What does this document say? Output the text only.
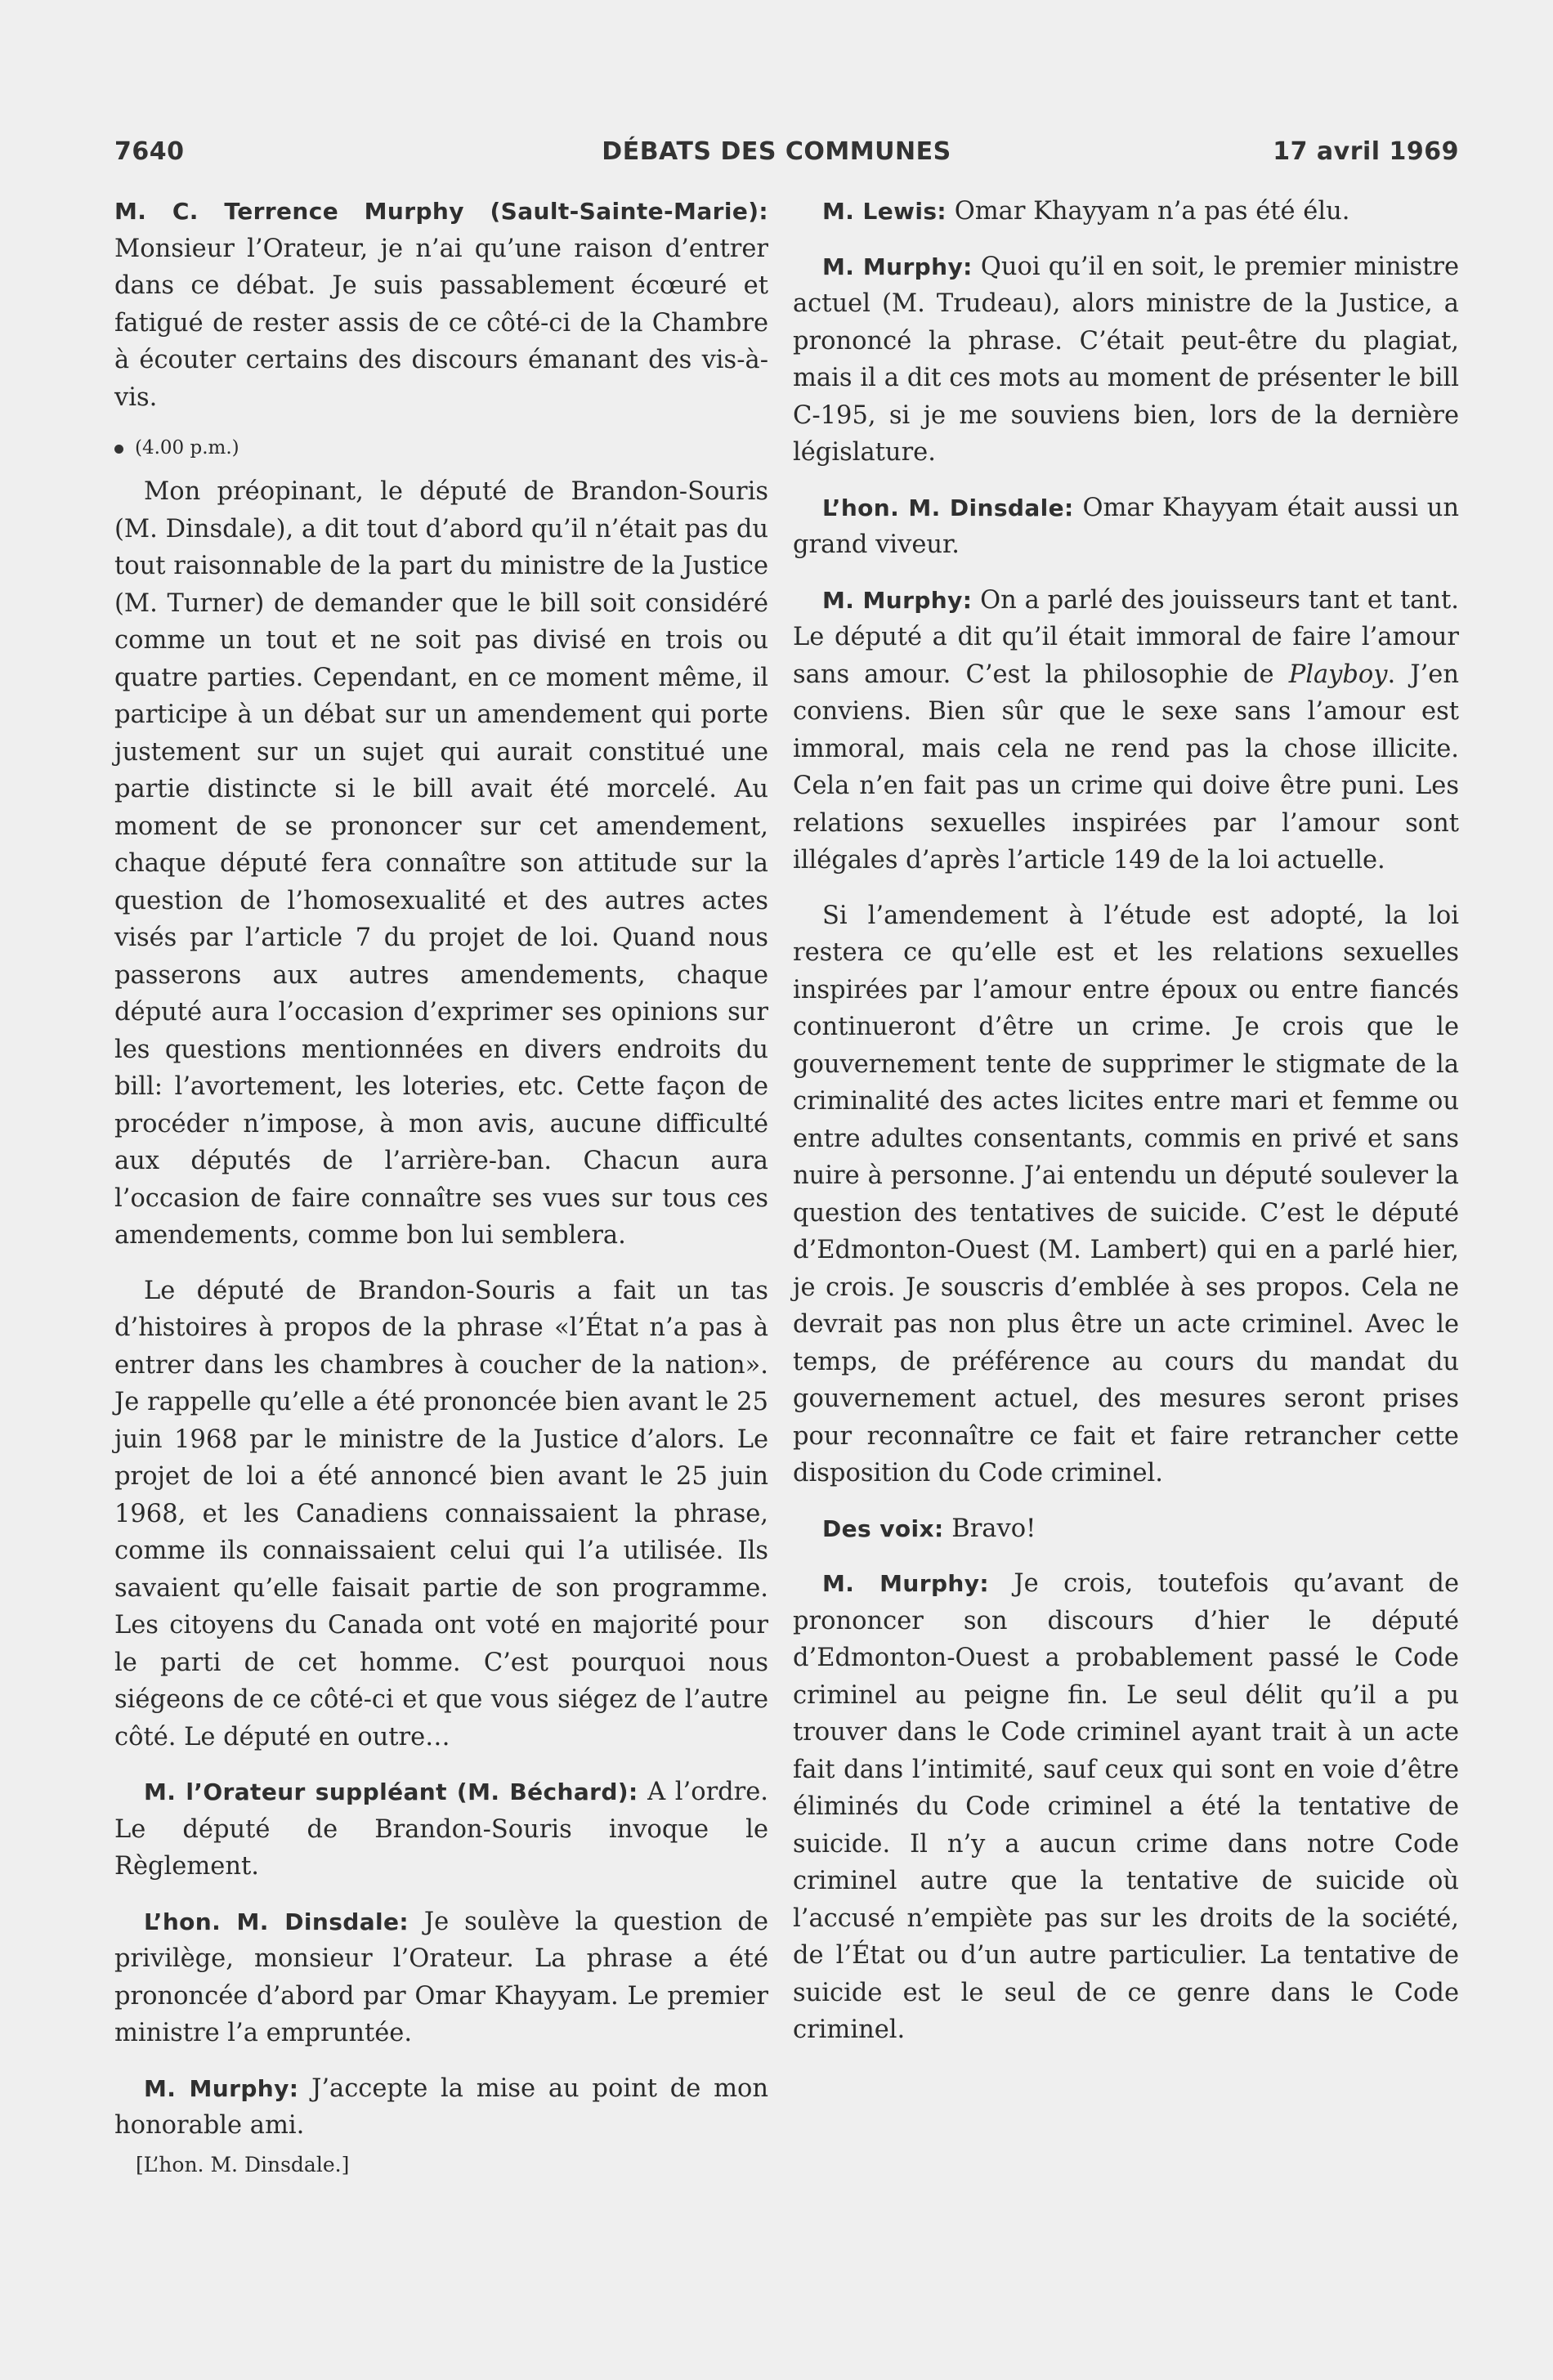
7640	DÉBATS DES COMMUNES	17 avril 1969

M. C. Terrence Murphy (Sault-Sainte-Marie): Monsieur l’Orateur, je n’ai qu’une raison d’entrer dans ce débat. Je suis passablement écœuré et fatigué de rester assis de ce côté-ci de la Chambre à écouter certains des discours émanant des vis-à-vis.

(4.00 p.m.)

Mon préopinant, le député de Brandon-Souris (M. Dinsdale), a dit tout d’abord qu’il n’était pas du tout raisonnable de la part du ministre de la Justice (M. Turner) de demander que le bill soit considéré comme un tout et ne soit pas divisé en trois ou quatre parties. Cependant, en ce moment même, il participe à un débat sur un amendement qui porte justement sur un sujet qui aurait constitué une partie distincte si le bill avait été morcelé. Au moment de se prononcer sur cet amendement, chaque député fera connaître son attitude sur la question de l’homosexualité et des autres actes visés par l’article 7 du projet de loi. Quand nous passerons aux autres amendements, chaque député aura l’occasion d’exprimer ses opinions sur les questions mentionnées en divers endroits du bill: l’avortement, les loteries, etc. Cette façon de procéder n’impose, à mon avis, aucune difficulté aux députés de l’arrière-ban. Chacun aura l’occasion de faire connaître ses vues sur tous ces amendements, comme bon lui semblera.

Le député de Brandon-Souris a fait un tas d’histoires à propos de la phrase «l’État n’a pas à entrer dans les chambres à coucher de la nation». Je rappelle qu’elle a été prononcée bien avant le 25 juin 1968 par le ministre de la Justice d’alors. Le projet de loi a été annoncé bien avant le 25 juin 1968, et les Canadiens connaissaient la phrase, comme ils connaissaient celui qui l’a utilisée. Ils savaient qu’elle faisait partie de son programme. Les citoyens du Canada ont voté en majorité pour le parti de cet homme. C’est pourquoi nous siégeons de ce côté-ci et que vous siégez de l’autre côté. Le député en outre…

M. l’Orateur suppléant (M. Béchard): A l’ordre. Le député de Brandon-Souris invoque le Règlement.

L’hon. M. Dinsdale: Je soulève la question de privilège, monsieur l’Orateur. La phrase a été prononcée d’abord par Omar Khayyam. Le premier ministre l’a empruntée.

M. Murphy: J’accepte la mise au point de mon honorable ami.

[L’hon. M. Dinsdale.]

M. Lewis: Omar Khayyam n’a pas été élu.

M. Murphy: Quoi qu’il en soit, le premier ministre actuel (M. Trudeau), alors ministre de la Justice, a prononcé la phrase. C’était peut-être du plagiat, mais il a dit ces mots au moment de présenter le bill C-195, si je me souviens bien, lors de la dernière législature.

L’hon. M. Dinsdale: Omar Khayyam était aussi un grand viveur.

M. Murphy: On a parlé des jouisseurs tant et tant. Le député a dit qu’il était immoral de faire l’amour sans amour. C’est la philosophie de Playboy. J’en conviens. Bien sûr que le sexe sans l’amour est immoral, mais cela ne rend pas la chose illicite. Cela n’en fait pas un crime qui doive être puni. Les relations sexuelles inspirées par l’amour sont illégales d’après l’article 149 de la loi actuelle.

Si l’amendement à l’étude est adopté, la loi restera ce qu’elle est et les relations sexuelles inspirées par l’amour entre époux ou entre fiancés continueront d’être un crime. Je crois que le gouvernement tente de supprimer le stigmate de la criminalité des actes licites entre mari et femme ou entre adultes consentants, commis en privé et sans nuire à personne. J’ai entendu un député soulever la question des tentatives de suicide. C’est le député d’Edmonton-Ouest (M. Lambert) qui en a parlé hier, je crois. Je souscris d’emblée à ses propos. Cela ne devrait pas non plus être un acte criminel. Avec le temps, de préférence au cours du mandat du gouvernement actuel, des mesures seront prises pour reconnaître ce fait et faire retrancher cette disposition du Code criminel.

Des voix: Bravo!

M. Murphy: Je crois, toutefois qu’avant de prononcer son discours d’hier le député d’Edmonton-Ouest a probablement passé le Code criminel au peigne fin. Le seul délit qu’il a pu trouver dans le Code criminel ayant trait à un acte fait dans l’intimité, sauf ceux qui sont en voie d’être éliminés du Code criminel a été la tentative de suicide. Il n’y a aucun crime dans notre Code criminel autre que la tentative de suicide où l’accusé n’empiète pas sur les droits de la société, de l’État ou d’un autre particulier. La tentative de suicide est le seul de ce genre dans le Code criminel.
